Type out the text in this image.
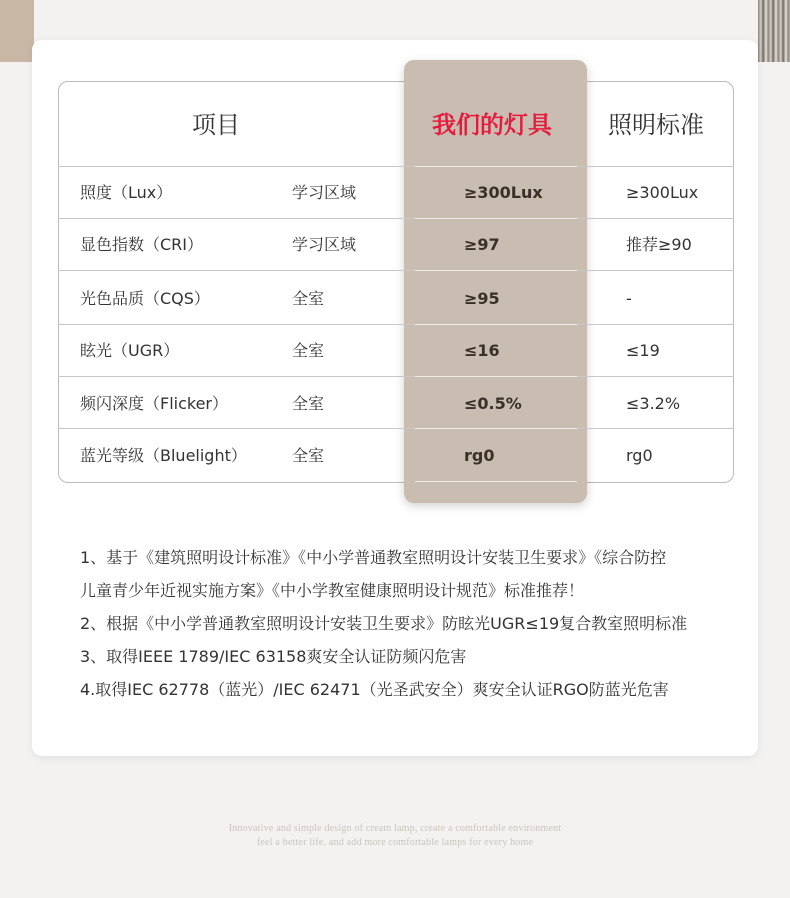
项目	我们的灯具 照明标准
照度（Lux）	学习区域	≥300Lux	≥300Lux
显色指数（CRI）	学习区域	≥97	推荐≥90
光色品质（CQS）	全室	≥95	-
眩光（UGR）	全室	≤16	≤19
频闪深度（Flicker）	全室	≤0.5%	≤3.2%
蓝光等级（Bluelight）	全室	rg0	rg0
1、基于《建筑照明设计标准》《中小学普通教室照明设计安装卫生要求》《综合防控
儿童青少年近视实施方案》《中小学教室健康照明设计规范》标准推荐！
2、根据《中小学普通教室照明设计安装卫生要求》防眩光UGR≤19复合教室照明标准
3、取得IEEE 1789/IEC 63158爽安全认证防频闪危害
4.取得IEC 62778（蓝光）/IEC 62471（光圣武安全）爽安全认证RGO防蓝光危害
Innovative and simple design of cream lamp, create a comfortable environment
feel a better life, and add more comfortable lamps for every home
